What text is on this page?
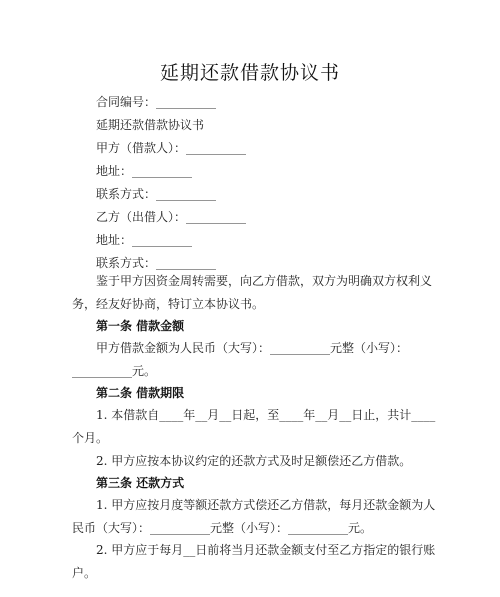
延期还款借款协议书
合同编号：__________
延期还款借款协议书
甲方（借款人）：__________
地址：__________
联系方式：__________
乙方（出借人）：__________
地址：__________
联系方式：__________
鉴于甲方因资金周转需要，向乙方借款，双方为明确双方权利义
务，经友好协商，特订立本协议书。
第一条 借款金额
甲方借款金额为人民币（大写）：__________元整（小写）：
__________元。
第二条 借款期限
1. 本借款自____年__月__日起，至____年__月__日止，共计____
个月。
2. 甲方应按本协议约定的还款方式及时足额偿还乙方借款。
第三条 还款方式
1. 甲方应按月度等额还款方式偿还乙方借款，每月还款金额为人
民币（大写）：__________元整（小写）：__________元。
2. 甲方应于每月__日前将当月还款金额支付至乙方指定的银行账
户。
